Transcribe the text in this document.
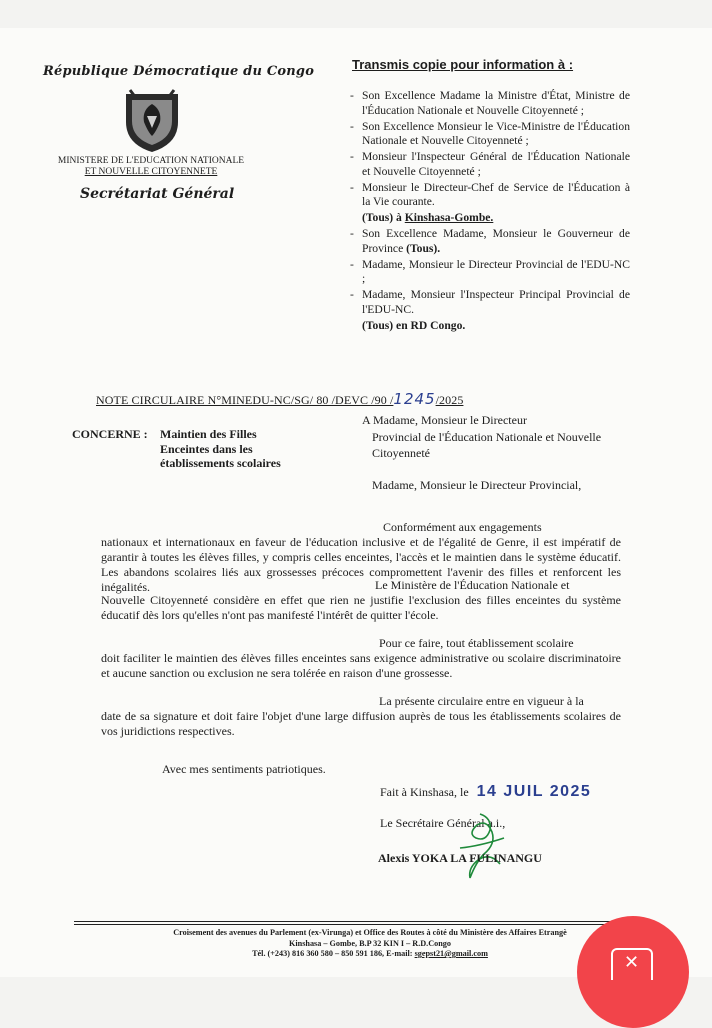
République Démocratique du Congo
MINISTERE DE L'EDUCATION NATIONALE
ET NOUVELLE CITOYENNETE
Secrétariat Général
Transmis copie pour information à :
- Son Excellence Madame la Ministre d'État, Ministre de l'Éducation Nationale et Nouvelle Citoyenneté ;
- Son Excellence Monsieur le Vice-Ministre de l'Éducation Nationale et Nouvelle Citoyenneté ;
- Monsieur l'Inspecteur Général de l'Éducation Nationale et Nouvelle Citoyenneté ;
- Monsieur le Directeur-Chef de Service de l'Éducation à la Vie courante.
(Tous) à Kinshasa-Gombe.
- Son Excellence Madame, Monsieur le Gouverneur de Province (Tous).
- Madame, Monsieur le Directeur Provincial de l'EDU-NC ;
- Madame, Monsieur l'Inspecteur Principal Provincial de l'EDU-NC.
(Tous) en RD Congo.
NOTE CIRCULAIRE N°MINEDU-NC/SG/ 80 /DEVC /90 /1245/2025
CONCERNE :	Maintien des Filles Enceintes dans les établissements scolaires
A Madame, Monsieur le Directeur
Provincial de l'Éducation Nationale et Nouvelle Citoyenneté
Madame, Monsieur le Directeur Provincial,
Conformément aux engagements
nationaux et internationaux en faveur de l'éducation inclusive et de l'égalité de Genre, il est impératif de garantir à toutes les élèves filles, y compris celles enceintes, l'accès et le maintien dans le système éducatif. Les abandons scolaires liés aux grossesses précoces compromettent l'avenir des filles et renforcent les inégalités.	Le Ministère de l'Éducation Nationale et
Nouvelle Citoyenneté considère en effet que rien ne justifie l'exclusion des filles enceintes du système éducatif dès lors qu'elles n'ont pas manifesté l'intérêt de quitter l'école.
Pour ce faire, tout établissement scolaire
doit faciliter le maintien des élèves filles enceintes sans exigence administrative ou scolaire discriminatoire et aucune sanction ou exclusion ne sera tolérée en raison d'une grossesse.
La présente circulaire entre en vigueur à la
date de sa signature et doit faire l'objet d'une large diffusion auprès de tous les établissements scolaires de vos juridictions respectives.
Avec mes sentiments patriotiques.
Fait à Kinshasa, le 14 JUIL 2025
Le Secrétaire Général a.i.,
Alexis YOKA LA FULINANGU
Croisement des avenues du Parlement (ex-Virunga) et Office des Routes à côté du Ministère des Affaires Etrangè
Kinshasa – Gombe, B.P 32 KIN I – R.D.Congo
Tél. (+243) 816 360 580 – 850 591 186, E-mail: sgepst21@gmail.com	✕
